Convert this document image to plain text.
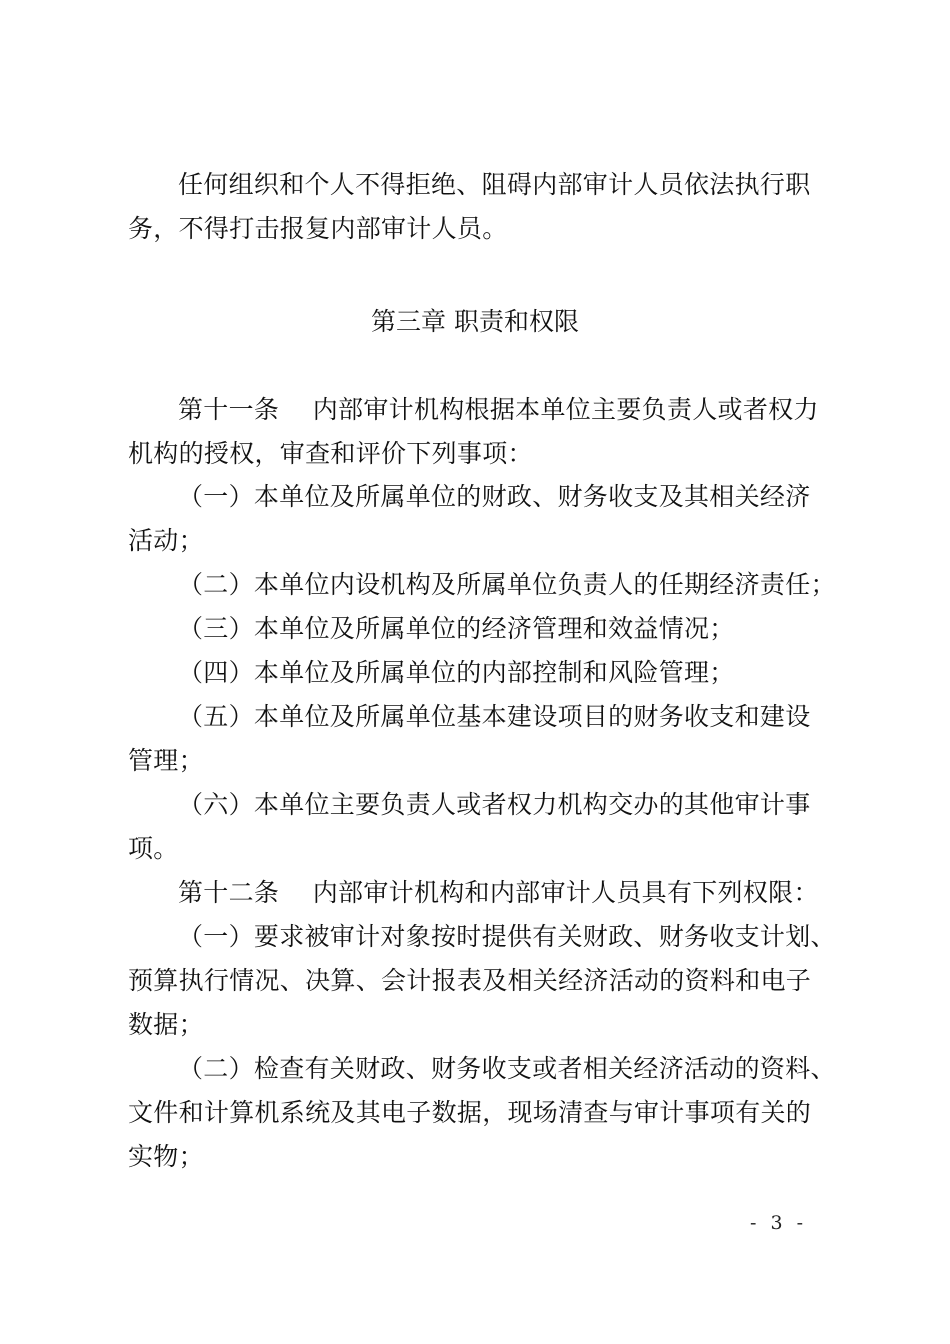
任何组织和个人不得拒绝、阻碍内部审计人员依法执行职
务，不得打击报复内部审计人员。
第三章 职责和权限
第十一条　 内部审计机构根据本单位主要负责人或者权力
机构的授权，审查和评价下列事项：
（一）本单位及所属单位的财政、财务收支及其相关经济
活动；
（二）本单位内设机构及所属单位负责人的任期经济责任；
（三）本单位及所属单位的经济管理和效益情况；
（四）本单位及所属单位的内部控制和风险管理；
（五）本单位及所属单位基本建设项目的财务收支和建设
管理；
（六）本单位主要负责人或者权力机构交办的其他审计事
项。
第十二条　 内部审计机构和内部审计人员具有下列权限：
（一）要求被审计对象按时提供有关财政、财务收支计划、
预算执行情况、决算、会计报表及相关经济活动的资料和电子
数据；
（二）检查有关财政、财务收支或者相关经济活动的资料、
文件和计算机系统及其电子数据，现场清查与审计事项有关的
实物；
- 3 -
